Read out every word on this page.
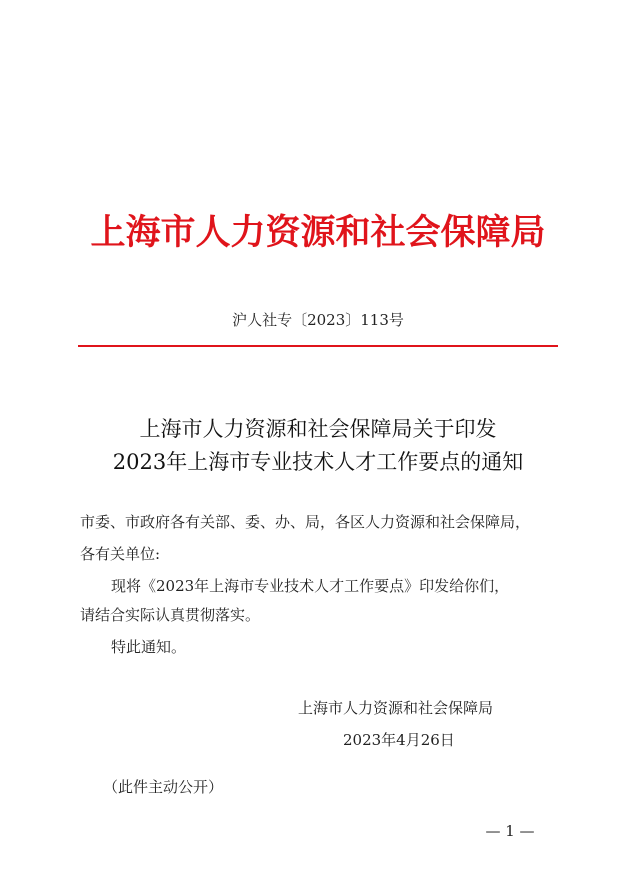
上海市人力资源和社会保障局
沪人社专〔2023〕113号
上海市人力资源和社会保障局关于印发
2023年上海市专业技术人才工作要点的通知
市委、市政府各有关部、委、办、局，各区人力资源和社会保障局，
各有关单位:
现将《2023年上海市专业技术人才工作要点》印发给你们，
请结合实际认真贯彻落实。
特此通知。
上海市人力资源和社会保障局
2023年4月26日
（此件主动公开）
— 1 —
